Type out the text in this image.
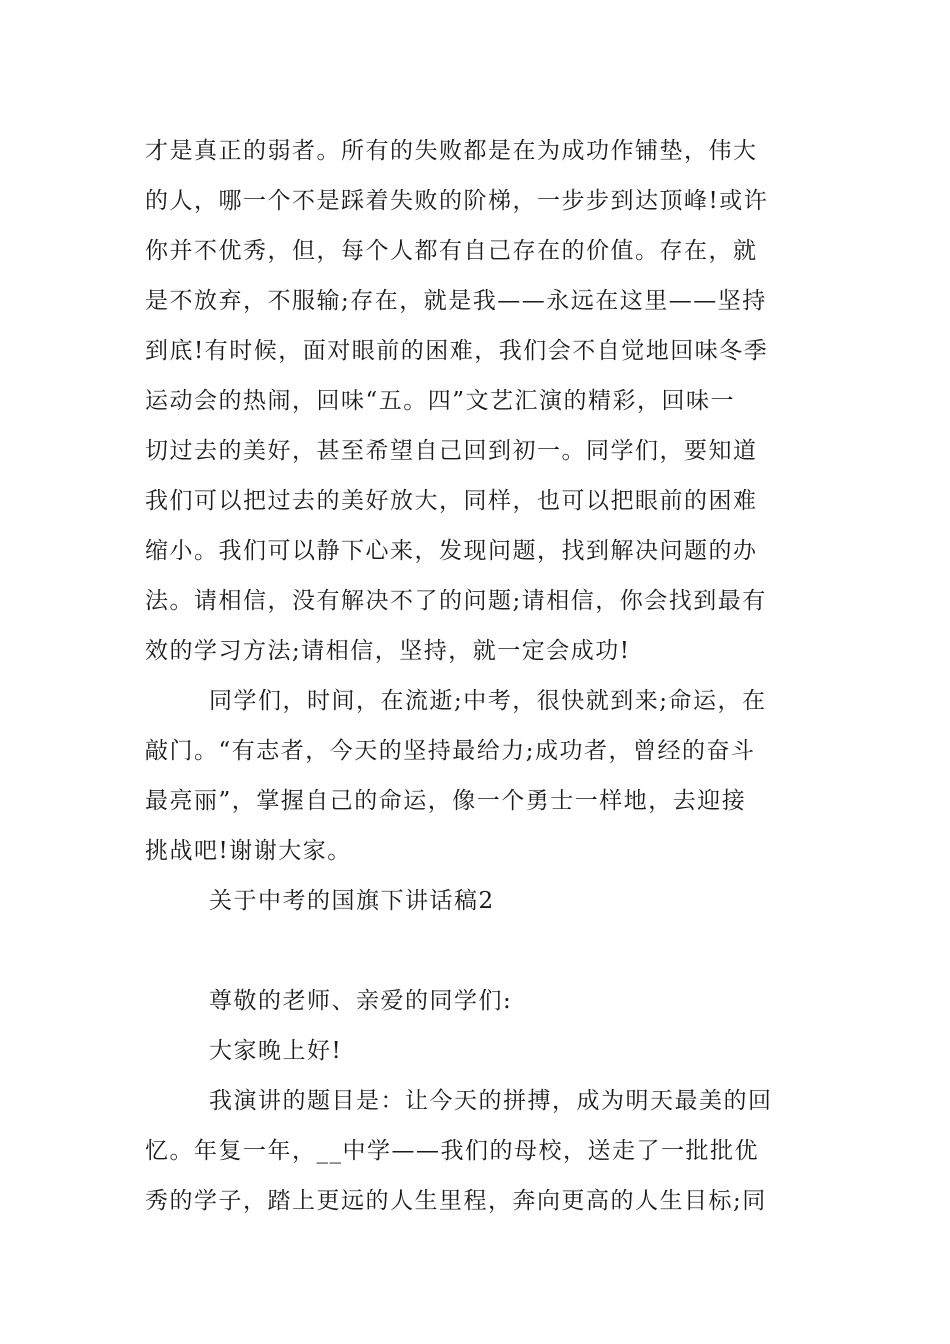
才是真正的弱者。所有的失败都是在为成功作铺垫，伟大
的人，哪一个不是踩着失败的阶梯，一步步到达顶峰!或许
你并不优秀，但，每个人都有自己存在的价值。存在，就
是不放弃，不服输;存在，就是我——永远在这里——坚持
到底!有时候，面对眼前的困难，我们会不自觉地回味冬季
运动会的热闹，回味“五。四”文艺汇演的精彩，回味一
切过去的美好，甚至希望自己回到初一。同学们，要知道
我们可以把过去的美好放大，同样，也可以把眼前的困难
缩小。我们可以静下心来，发现问题，找到解决问题的办
法。请相信，没有解决不了的问题;请相信，你会找到最有
效的学习方法;请相信，坚持，就一定会成功!
同学们，时间，在流逝;中考，很快就到来;命运，在
敲门。“有志者，今天的坚持最给力;成功者，曾经的奋斗
最亮丽”，掌握自己的命运，像一个勇士一样地，去迎接
挑战吧!谢谢大家。
关于中考的国旗下讲话稿2
尊敬的老师、亲爱的同学们:
大家晚上好!
我演讲的题目是：让今天的拼搏，成为明天最美的回
忆。年复一年，__中学——我们的母校，送走了一批批优
秀的学子，踏上更远的人生里程，奔向更高的人生目标;同
